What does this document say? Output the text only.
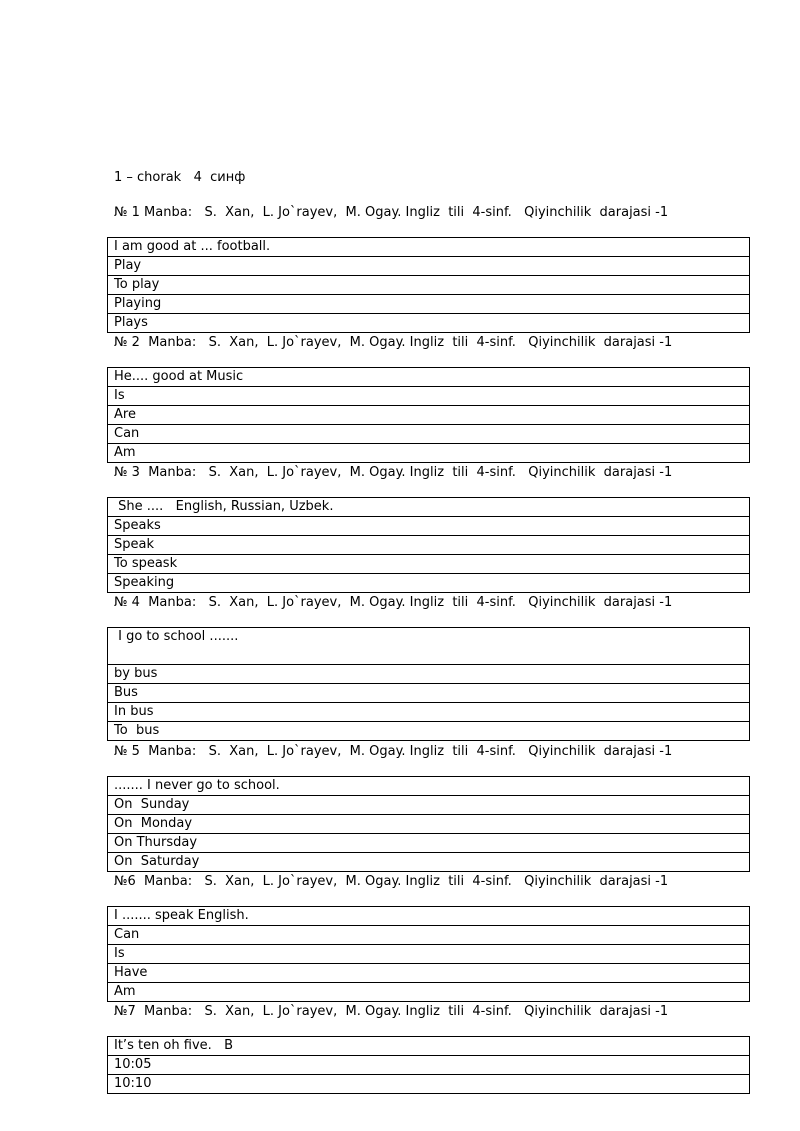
1 – chorak   4  синф
№ 1 Manba:   S.  Xan,  L. Jo`rayev,  M. Ogay. Ingliz  tili  4-sinf.   Qiyinchilik  darajasi -1
I am good at ... football.
Play
To play
Playing
Plays
№ 2  Manba:   S.  Xan,  L. Jo`rayev,  M. Ogay. Ingliz  tili  4-sinf.   Qiyinchilik  darajasi -1
He.... good at Music
Is
Are
Can
Am
№ 3  Manba:   S.  Xan,  L. Jo`rayev,  M. Ogay. Ingliz  tili  4-sinf.   Qiyinchilik  darajasi -1
She ....   English, Russian, Uzbek.
Speaks
Speak
To speask
Speaking
№ 4  Manba:   S.  Xan,  L. Jo`rayev,  M. Ogay. Ingliz  tili  4-sinf.   Qiyinchilik  darajasi -1
I go to school .......
by bus
Bus
In bus
To  bus
№ 5  Manba:   S.  Xan,  L. Jo`rayev,  M. Ogay. Ingliz  tili  4-sinf.   Qiyinchilik  darajasi -1
....... I never go to school.
On  Sunday
On  Monday
On Thursday
On  Saturday
№6  Manba:   S.  Xan,  L. Jo`rayev,  M. Ogay. Ingliz  tili  4-sinf.   Qiyinchilik  darajasi -1
I ....... speak English.
Can
Is
Have
Am
№7  Manba:   S.  Xan,  L. Jo`rayev,  M. Ogay. Ingliz  tili  4-sinf.   Qiyinchilik  darajasi -1
It’s ten oh five.   B
10:05
10:10
